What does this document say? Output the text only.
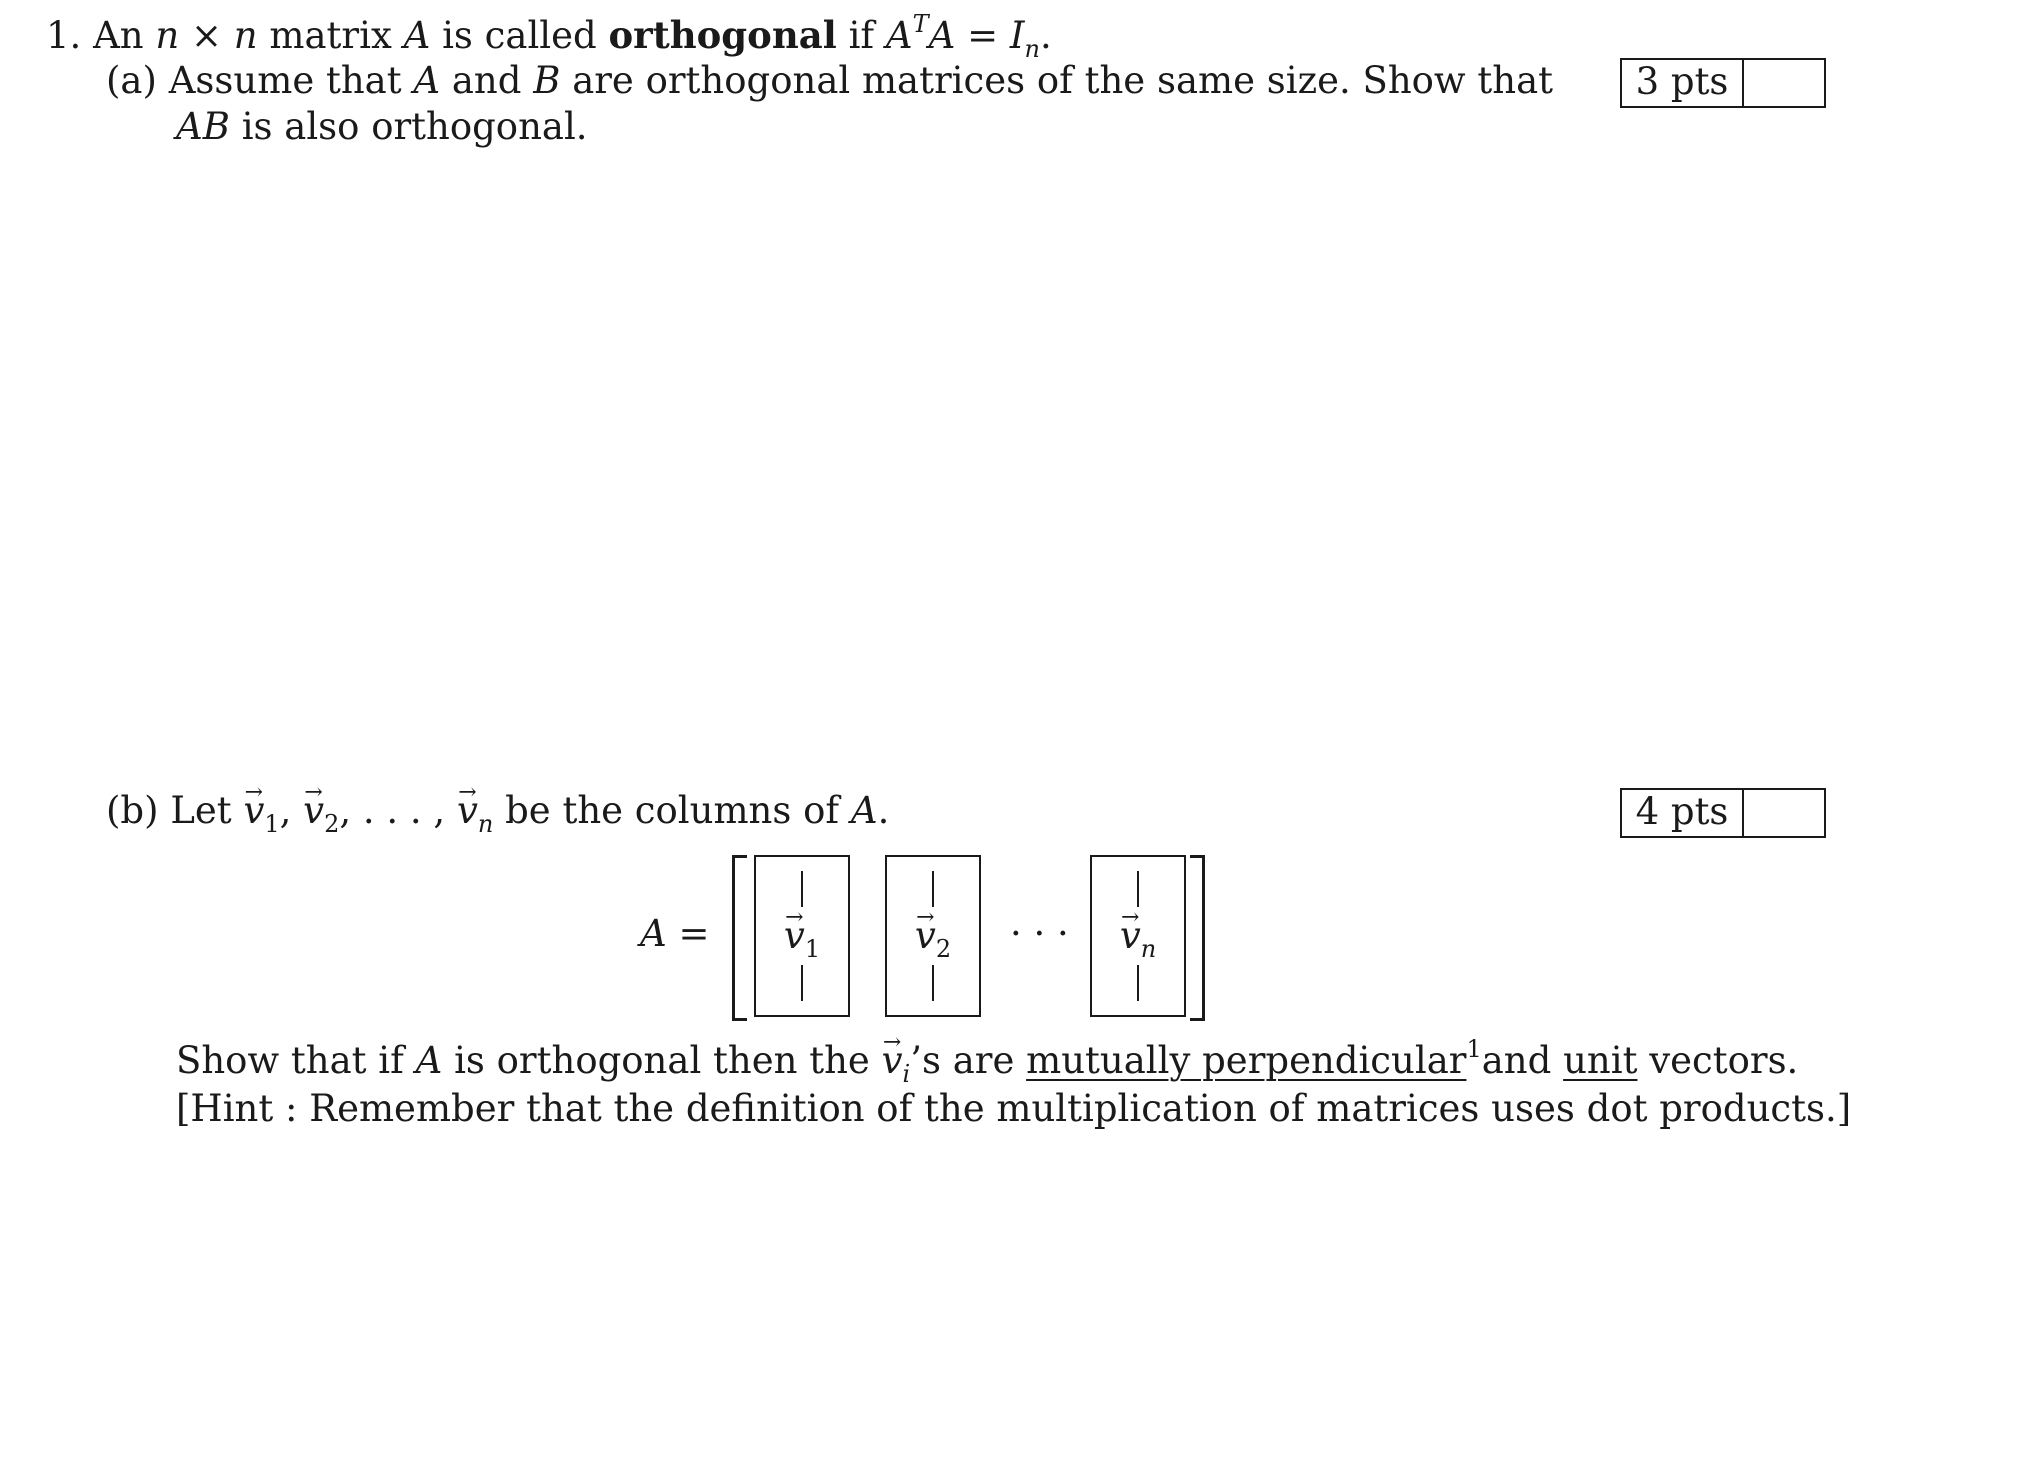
1. An n × n matrix A is called orthogonal if $A^TA = I_n$.
(a) Assume that A and B are orthogonal matrices of the same size. Show that
AB is also orthogonal.
3 pts
(b) Let → $v_1$, → $v_2$, . . . , → $v_n$ be the columns of A.	4 pts
A =	→ $v_1$	→ $v_2$	· · ·	→ $v_n$
Show that if A is orthogonal then the → $v_i’s$ are mutually perpendicular$^1$and unit vectors.
[Hint : Remember that the definition of the multiplication of matrices uses dot products.]
